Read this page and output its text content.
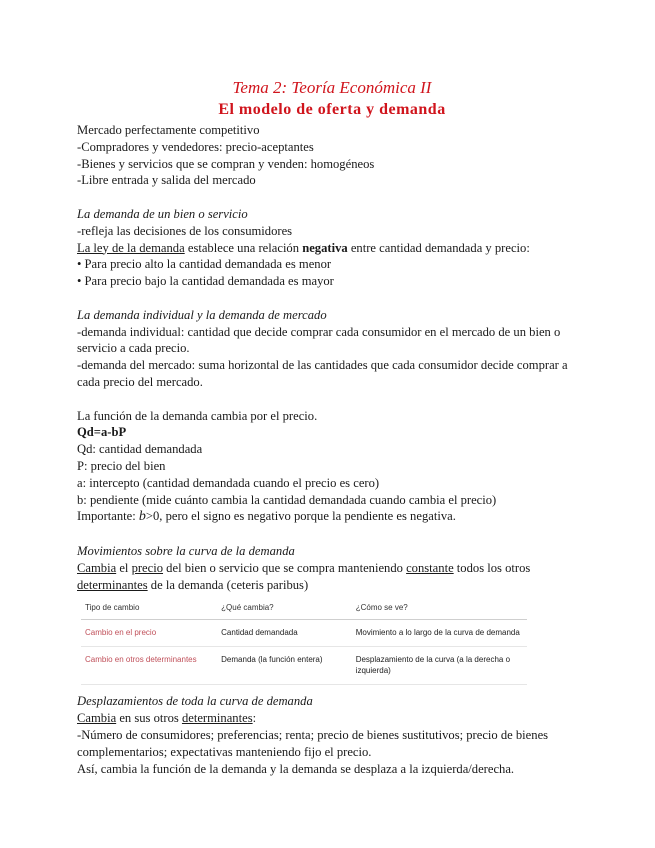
Tema 2: Teoría Económica II

El modelo de oferta y demanda

Mercado perfectamente competitivo

-Compradores y vendedores: precio-aceptantes

-Bienes y servicios que se compran y venden: homogéneos

-Libre entrada y salida del mercado

La demanda de un bien o servicio

-refleja las decisiones de los consumidores

La ley de la demanda establece una relación negativa entre cantidad demandada y precio:

• Para precio alto la cantidad demandada es menor

• Para precio bajo la cantidad demandada es mayor

La demanda individual y la demanda de mercado

-demanda individual: cantidad que decide comprar cada consumidor en el mercado de un bien o servicio a cada precio.

-demanda del mercado: suma horizontal de las cantidades que cada consumidor decide comprar a cada precio del mercado.

La función de la demanda cambia por el precio.

Qd=a-bP

Qd: cantidad demandada

P: precio del bien

a: intercepto (cantidad demandada cuando el precio es cero)

b: pendiente (mide cuánto cambia la cantidad demandada cuando cambia el precio)

Importante: b>0, pero el signo es negativo porque la pendiente es negativa.

Movimientos sobre la curva de la demanda

Cambia el precio del bien o servicio que se compra manteniendo constante todos los otros determinantes de la demanda (ceteris paribus)

Tipo de cambio	¿Qué cambia?	¿Cómo se ve?
Cambio en el precio	Cantidad demandada	Movimiento a lo largo de la curva de demanda
Cambio en otros determinantes	Demanda (la función entera)	Desplazamiento de la curva (a la derecha o izquierda)

Desplazamientos de toda la curva de demanda

Cambia en sus otros determinantes:

-Número de consumidores; preferencias; renta; precio de bienes sustitutivos; precio de bienes complementarios; expectativas manteniendo fijo el precio.

Así, cambia la función de la demanda y la demanda se desplaza a la izquierda/derecha.
